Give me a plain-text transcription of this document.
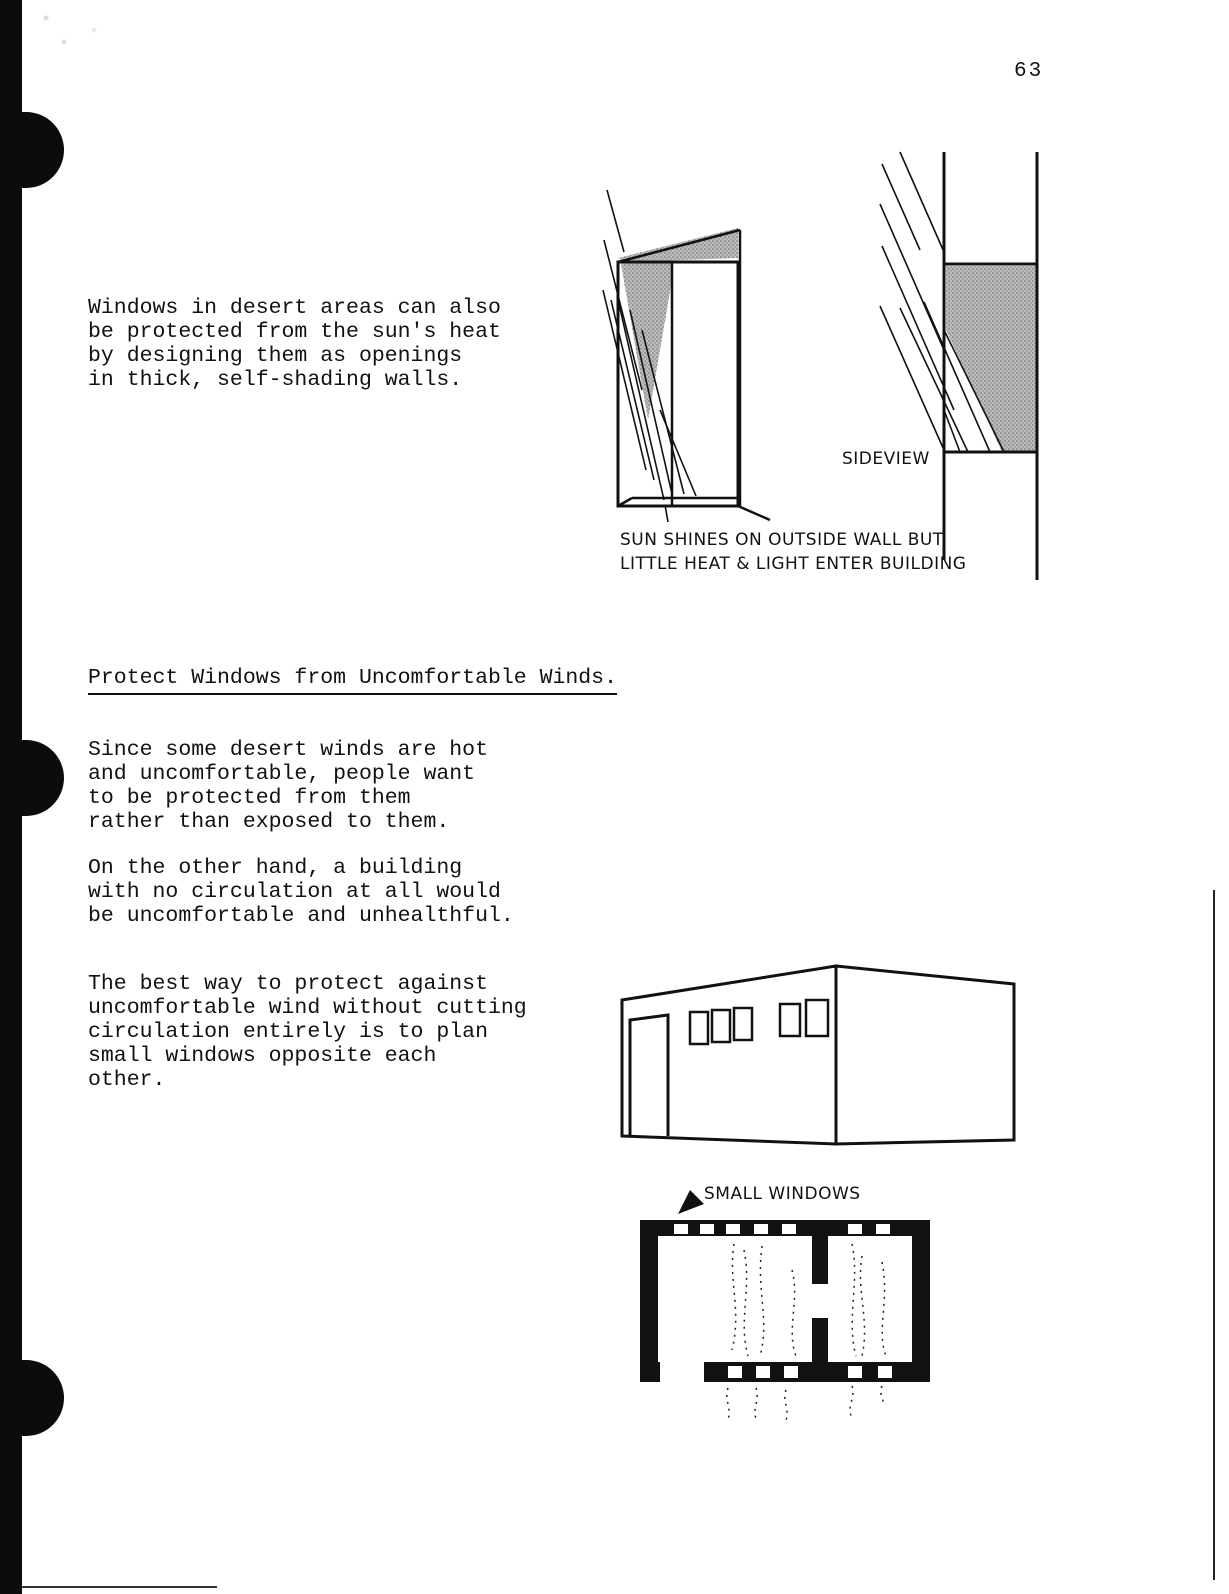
63

Windows in desert areas can also
be protected from the sun's heat
by designing them as openings
in thick, self-shading walls.

Protect Windows from Uncomfortable Winds.

Since some desert winds are hot
and uncomfortable, people want
to be protected from them
rather than exposed to them.

On the other hand, a building
with no circulation at all would
be uncomfortable and unhealthful.

The best way to protect against
uncomfortable wind without cutting
circulation entirely is to plan
small windows opposite each
other.

SIDEVIEW
SUN SHINES ON OUTSIDE WALL BUT
LITTLE HEAT & LIGHT ENTER BUILDING
SMALL WINDOWS
